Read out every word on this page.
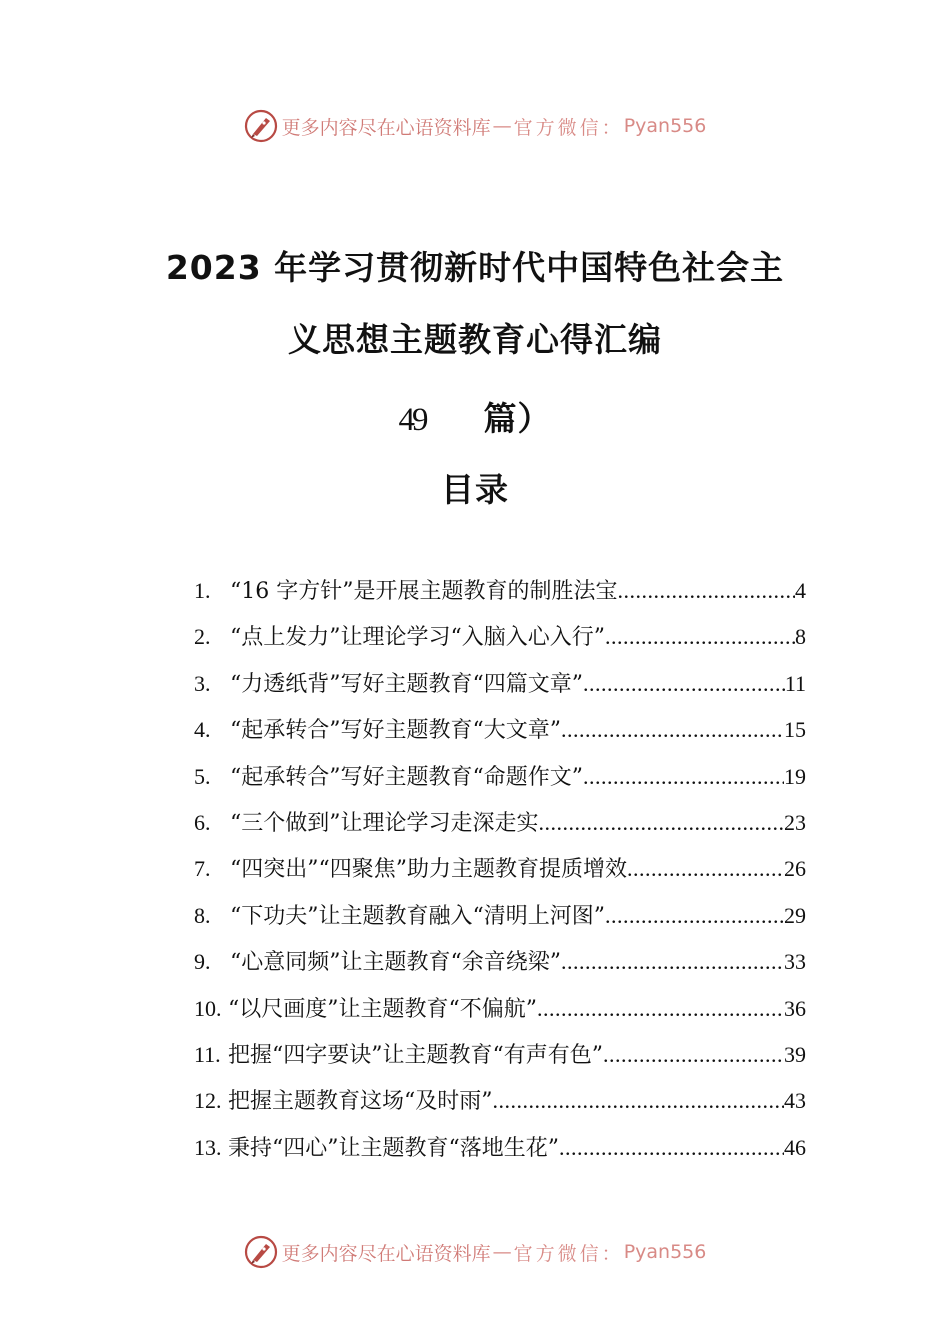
更多内容尽在心语资料库 — 官方微信： Pyan556
2023 年学习贯彻新时代中国特色社会主
义思想主题教育心得汇编
49 篇）
目录
1. “16 字方针”是开展主题教育的制胜法宝 .....	4
2. “点上发力”让理论学习“入脑入心入行” .....	8
3. “力透纸背”写好主题教育“四篇文章” .....	11
4. “起承转合”写好主题教育“大文章” .....	15
5. “起承转合”写好主题教育“命题作文” .....	19
6. “三个做到”让理论学习走深走实 .....	23
7. “四突出”“四聚焦”助力主题教育提质增效 .....	26
8. “下功夫”让主题教育融入“清明上河图” .....	29
9. “心意同频”让主题教育“余音绕梁” .....	33
10. “以尺画度”让主题教育“不偏航” .....	36
11. 把握“四字要诀”让主题教育“有声有色” .....	39
12. 把握主题教育这场“及时雨” .....	43
13. 秉持“四心”让主题教育“落地生花” .....	46
更多内容尽在心语资料库 — 官方微信： Pyan556
